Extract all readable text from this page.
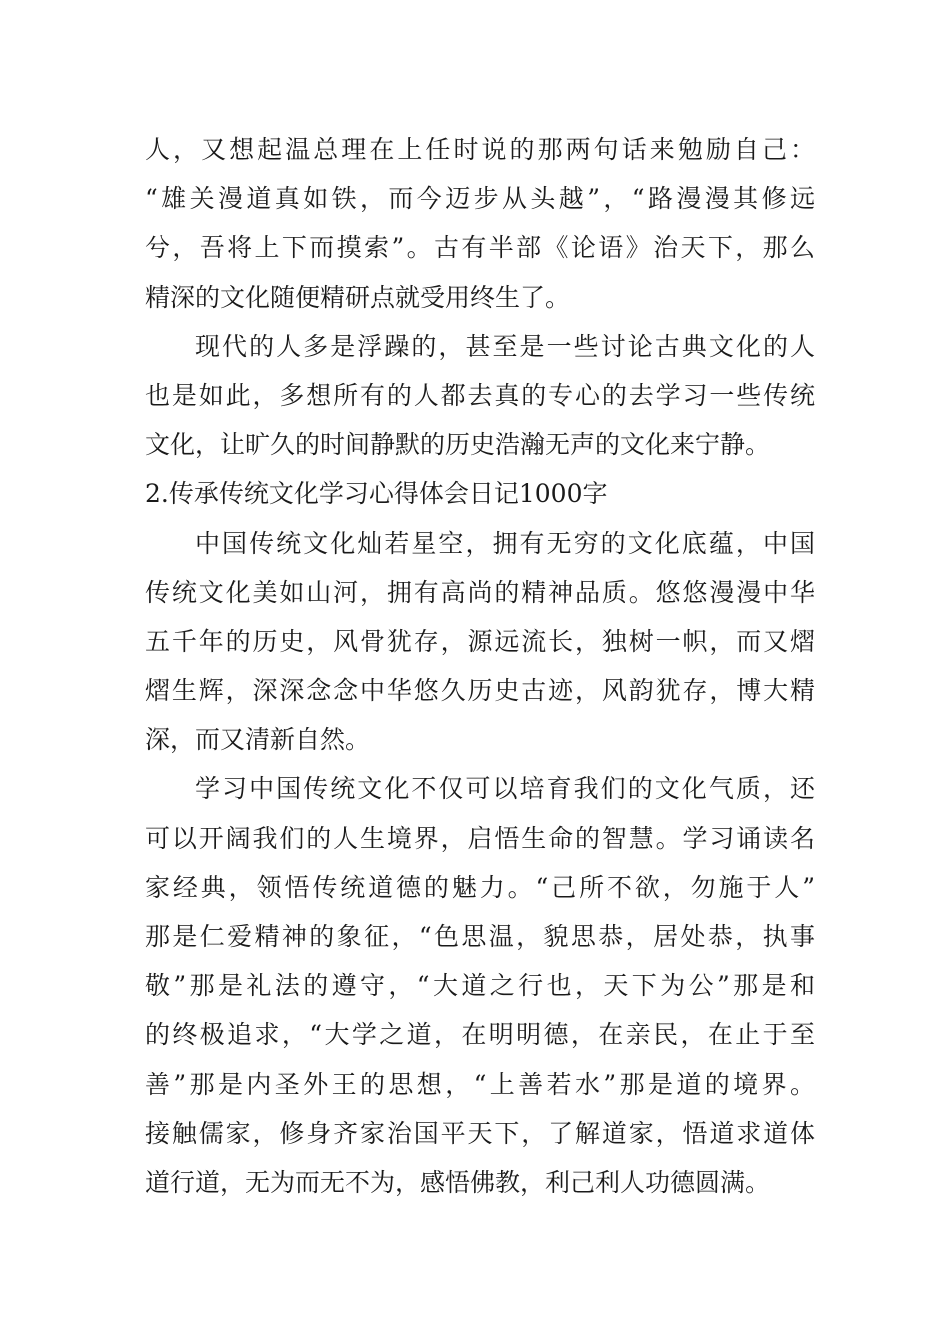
人，又想起温总理在上任时说的那两句话来勉励自己：
“雄关漫道真如铁，而今迈步从头越”，“路漫漫其修远
兮，吾将上下而摸索”。古有半部《论语》治天下，那么
精深的文化随便精研点就受用终生了。
现代的人多是浮躁的，甚至是一些讨论古典文化的人
也是如此，多想所有的人都去真的专心的去学习一些传统
文化，让旷久的时间静默的历史浩瀚无声的文化来宁静。
2.传承传统文化学习心得体会日记1000字
中国传统文化灿若星空，拥有无穷的文化底蕴，中国
传统文化美如山河，拥有高尚的精神品质。悠悠漫漫中华
五千年的历史，风骨犹存，源远流长，独树一帜，而又熠
熠生辉，深深念念中华悠久历史古迹，风韵犹存，博大精
深，而又清新自然。
学习中国传统文化不仅可以培育我们的文化气质，还
可以开阔我们的人生境界，启悟生命的智慧。学习诵读名
家经典，领悟传统道德的魅力。“己所不欲，勿施于人”
那是仁爱精神的象征，“色思温，貌思恭，居处恭，执事
敬”那是礼法的遵守，“大道之行也，天下为公”那是和
的终极追求，“大学之道，在明明德，在亲民，在止于至
善”那是内圣外王的思想，“上善若水”那是道的境界。
接触儒家，修身齐家治国平天下，了解道家，悟道求道体
道行道，无为而无不为，感悟佛教，利己利人功德圆满。
